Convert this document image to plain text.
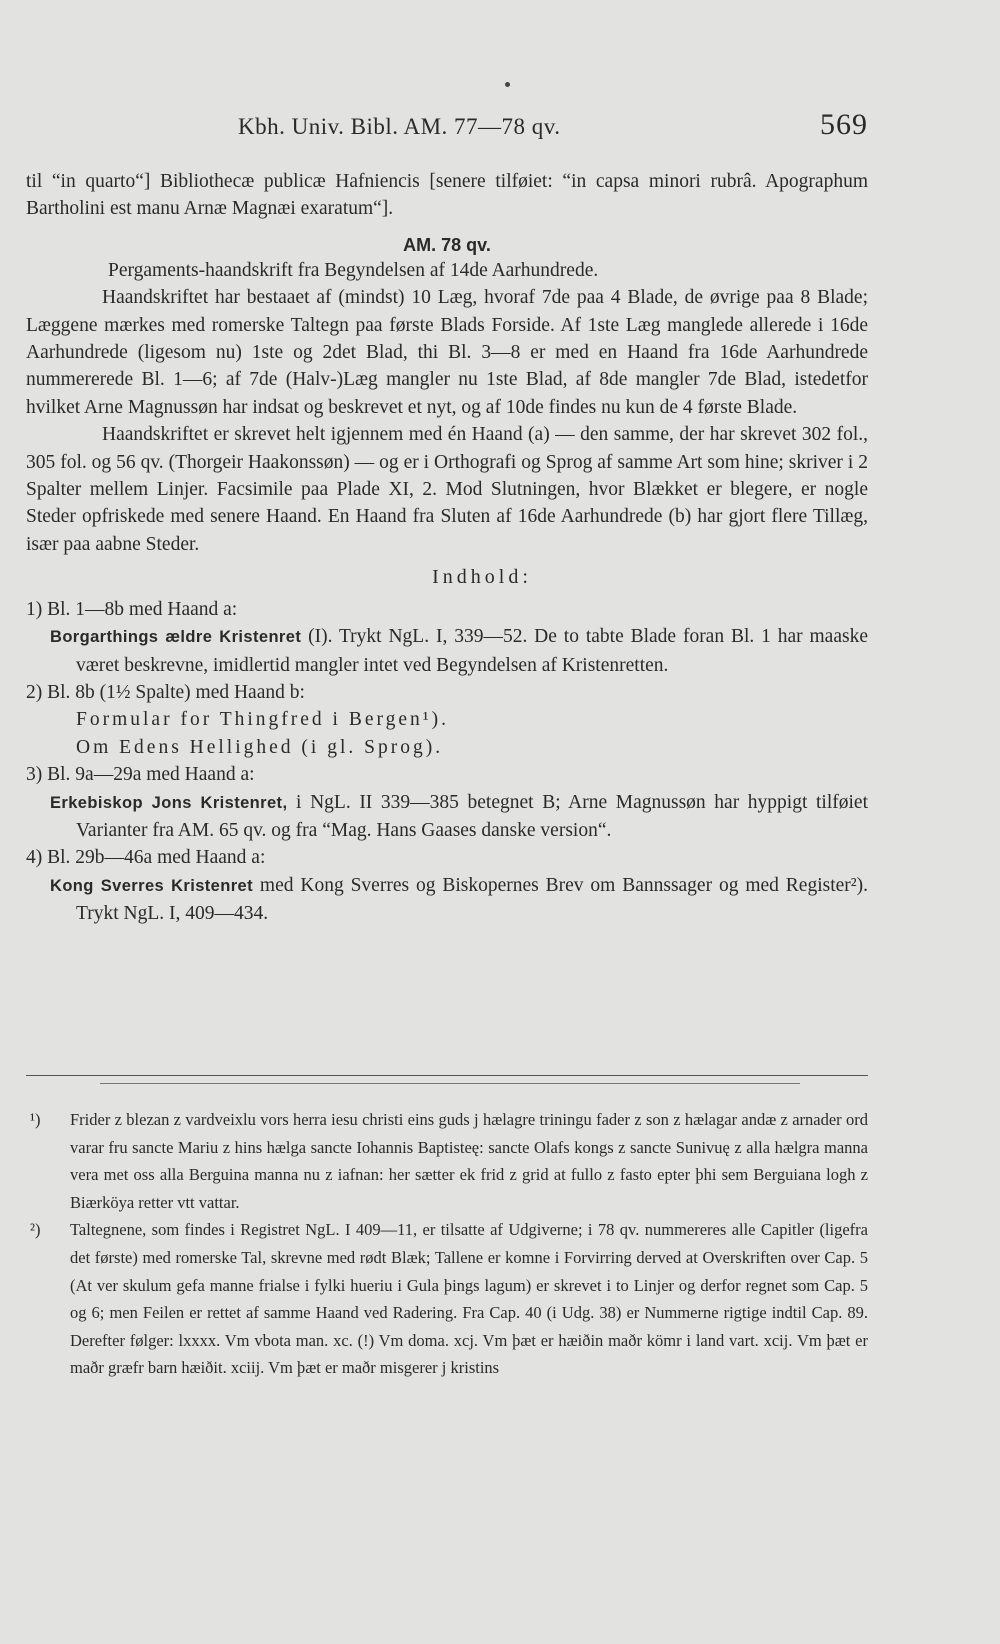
Kbh. Univ. Bibl. AM. 77—78 qv.	569

til “in quarto“] Bibliothecæ publicæ Hafniencis [senere tilføiet: “in capsa minori rubrâ. Apographum Bartholini est manu Arnæ Magnæi exaratum“].

AM. 78 qv.

Pergaments-haandskrift fra Begyndelsen af 14de Aarhundrede.

Haandskriftet har bestaaet af (mindst) 10 Læg, hvoraf 7de paa 4 Blade, de øvrige paa 8 Blade; Læggene mærkes med romerske Taltegn paa første Blads Forside. Af 1ste Læg manglede allerede i 16de Aarhundrede (ligesom nu) 1ste og 2det Blad, thi Bl. 3—8 er med en Haand fra 16de Aarhundrede nummererede Bl. 1—6; af 7de (Halv-)Læg mangler nu 1ste Blad, af 8de mangler 7de Blad, istedetfor hvilket Arne Magnussøn har indsat og beskrevet et nyt, og af 10de findes nu kun de 4 første Blade.

Haandskriftet er skrevet helt igjennem med én Haand (a) — den samme, der har skrevet 302 fol., 305 fol. og 56 qv. (Thorgeir Haakonssøn) — og er i Orthografi og Sprog af samme Art som hine; skriver i 2 Spalter mellem Linjer. Facsimile paa Plade XI, 2. Mod Slutningen, hvor Blækket er blegere, er nogle Steder opfriskede med senere Haand. En Haand fra Sluten af 16de Aarhundrede (b) har gjort flere Tillæg, især paa aabne Steder.

Indhold:

1) Bl. 1—8b med Haand a:

Borgarthings ældre Kristenret (I). Trykt NgL. I, 339—52. De to tabte Blade foran Bl. 1 har maaske været beskrevne, imidlertid mangler intet ved Begyndelsen af Kristenretten.

2) Bl. 8b (1½ Spalte) med Haand b:

Formular for Thingfred i Bergen¹).

Om Edens Hellighed (i gl. Sprog).

3) Bl. 9a—29a med Haand a:

Erkebiskop Jons Kristenret, i NgL. II 339—385 betegnet B; Arne Magnussøn har hyppigt tilføiet Varianter fra AM. 65 qv. og fra “Mag. Hans Gaases danske version“.

4) Bl. 29b—46a med Haand a:

Kong Sverres Kristenret med Kong Sverres og Biskopernes Brev om Bannssager og med Register²). Trykt NgL. I, 409—434.

¹) Frider z blezan z vardveixlu vors herra iesu christi eins guds j hælagre triningu fader z son z hælagar andæ z arnader ord varar fru sancte Mariu z hins hælga sancte Iohannis Baptisteę: sancte Olafs kongs z sancte Sunivuę z alla hælgra manna vera met oss alla Berguina manna nu z iafnan: her sætter ek frid z grid at fullo z fasto epter þhi sem Berguiana logh z Biærköya retter vtt vattar.

²) Taltegnene, som findes i Registret NgL. I 409—11, er tilsatte af Udgiverne; i 78 qv. nummereres alle Capitler (ligefra det første) med romerske Tal, skrevne med rødt Blæk; Tallene er komne i Forvirring derved at Overskriften over Cap. 5 (At ver skulum gefa manne frialse i fylki hueriu i Gula þings lagum) er skrevet i to Linjer og derfor regnet som Cap. 5 og 6; men Feilen er rettet af samme Haand ved Radering. Fra Cap. 40 (i Udg. 38) er Nummerne rigtige indtil Cap. 89. Derefter følger: lxxxx. Vm vbota man. xc. (!) Vm doma. xcj. Vm þæt er hæiðin maðr kömr i land vart. xcij. Vm þæt er maðr græfr barn hæiðit. xciij. Vm þæt er maðr misgerer j kristins
